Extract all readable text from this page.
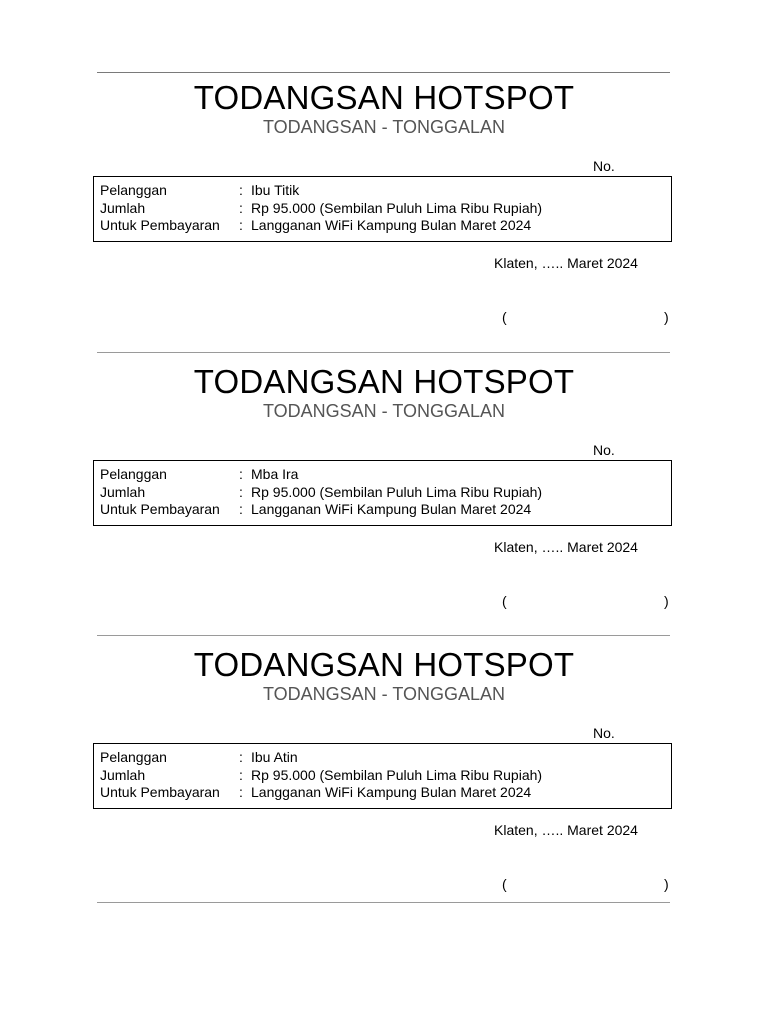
TODANGSAN HOTSPOT
TODANGSAN - TONGGALAN
No.
Pelanggan	: Ibu Titik
Jumlah	: Rp 95.000 (Sembilan Puluh Lima Ribu Rupiah)
Untuk Pembayaran : Langganan WiFi Kampung Bulan Maret 2024
Klaten, ….. Maret 2024
(	)
TODANGSAN HOTSPOT
TODANGSAN - TONGGALAN
No.
Pelanggan	: Mba Ira
Jumlah	: Rp 95.000 (Sembilan Puluh Lima Ribu Rupiah)
Untuk Pembayaran : Langganan WiFi Kampung Bulan Maret 2024
Klaten, ….. Maret 2024
(	)
TODANGSAN HOTSPOT
TODANGSAN - TONGGALAN
No.
Pelanggan	: Ibu Atin
Jumlah	: Rp 95.000 (Sembilan Puluh Lima Ribu Rupiah)
Untuk Pembayaran : Langganan WiFi Kampung Bulan Maret 2024
Klaten, ….. Maret 2024
(	)
